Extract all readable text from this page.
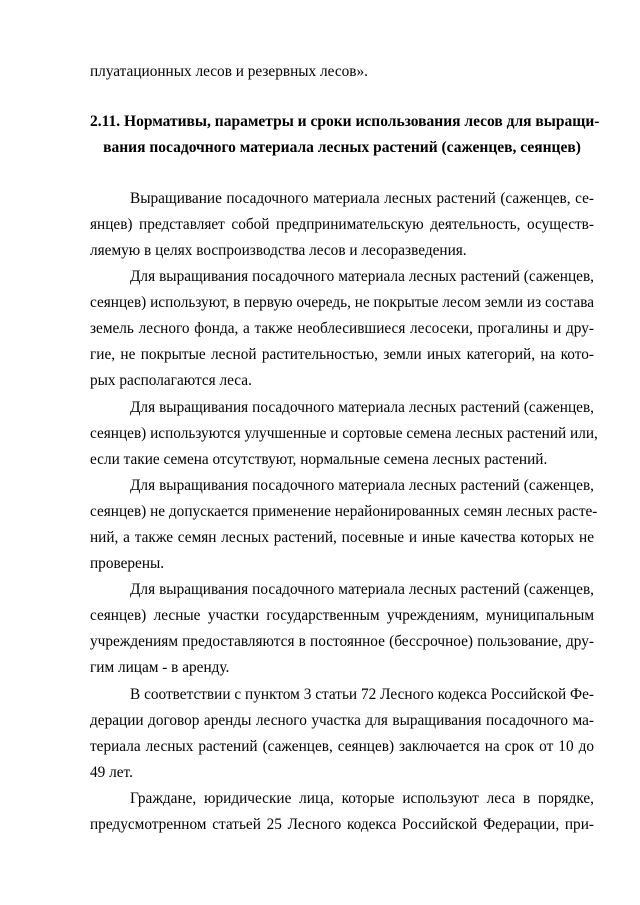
плуатационных лесов и резервных лесов».
2.11. Нормативы, параметры и сроки использования лесов для выращи-
вания посадочного материала лесных растений (саженцев, сеянцев)
Выращивание посадочного материала лесных растений (саженцев, се-
янцев) представляет собой предпринимательскую деятельность, осуществ-
ляемую в целях воспроизводства лесов и лесоразведения.
Для выращивания посадочного материала лесных растений (саженцев,
сеянцев) используют, в первую очередь, не покрытые лесом земли из состава
земель лесного фонда, а также необлесившиеся лесосеки, прогалины и дру-
гие, не покрытые лесной растительностью, земли иных категорий, на кото-
рых располагаются леса.
Для выращивания посадочного материала лесных растений (саженцев,
сеянцев) используются улучшенные и сортовые семена лесных растений или,
если такие семена отсутствуют, нормальные семена лесных растений.
Для выращивания посадочного материала лесных растений (саженцев,
сеянцев) не допускается применение нерайонированных семян лесных расте-
ний, а также семян лесных растений, посевные и иные качества которых не
проверены.
Для выращивания посадочного материала лесных растений (саженцев,
сеянцев) лесные участки государственным учреждениям, муниципальным
учреждениям предоставляются в постоянное (бессрочное) пользование, дру-
гим лицам - в аренду.
В соответствии с пунктом 3 статьи 72 Лесного кодекса Российской Фе-
дерации договор аренды лесного участка для выращивания посадочного ма-
териала лесных растений (саженцев, сеянцев) заключается на срок от 10 до
49 лет.
Граждане, юридические лица, которые используют леса в порядке,
предусмотренном статьей 25 Лесного кодекса Российской Федерации, при-
